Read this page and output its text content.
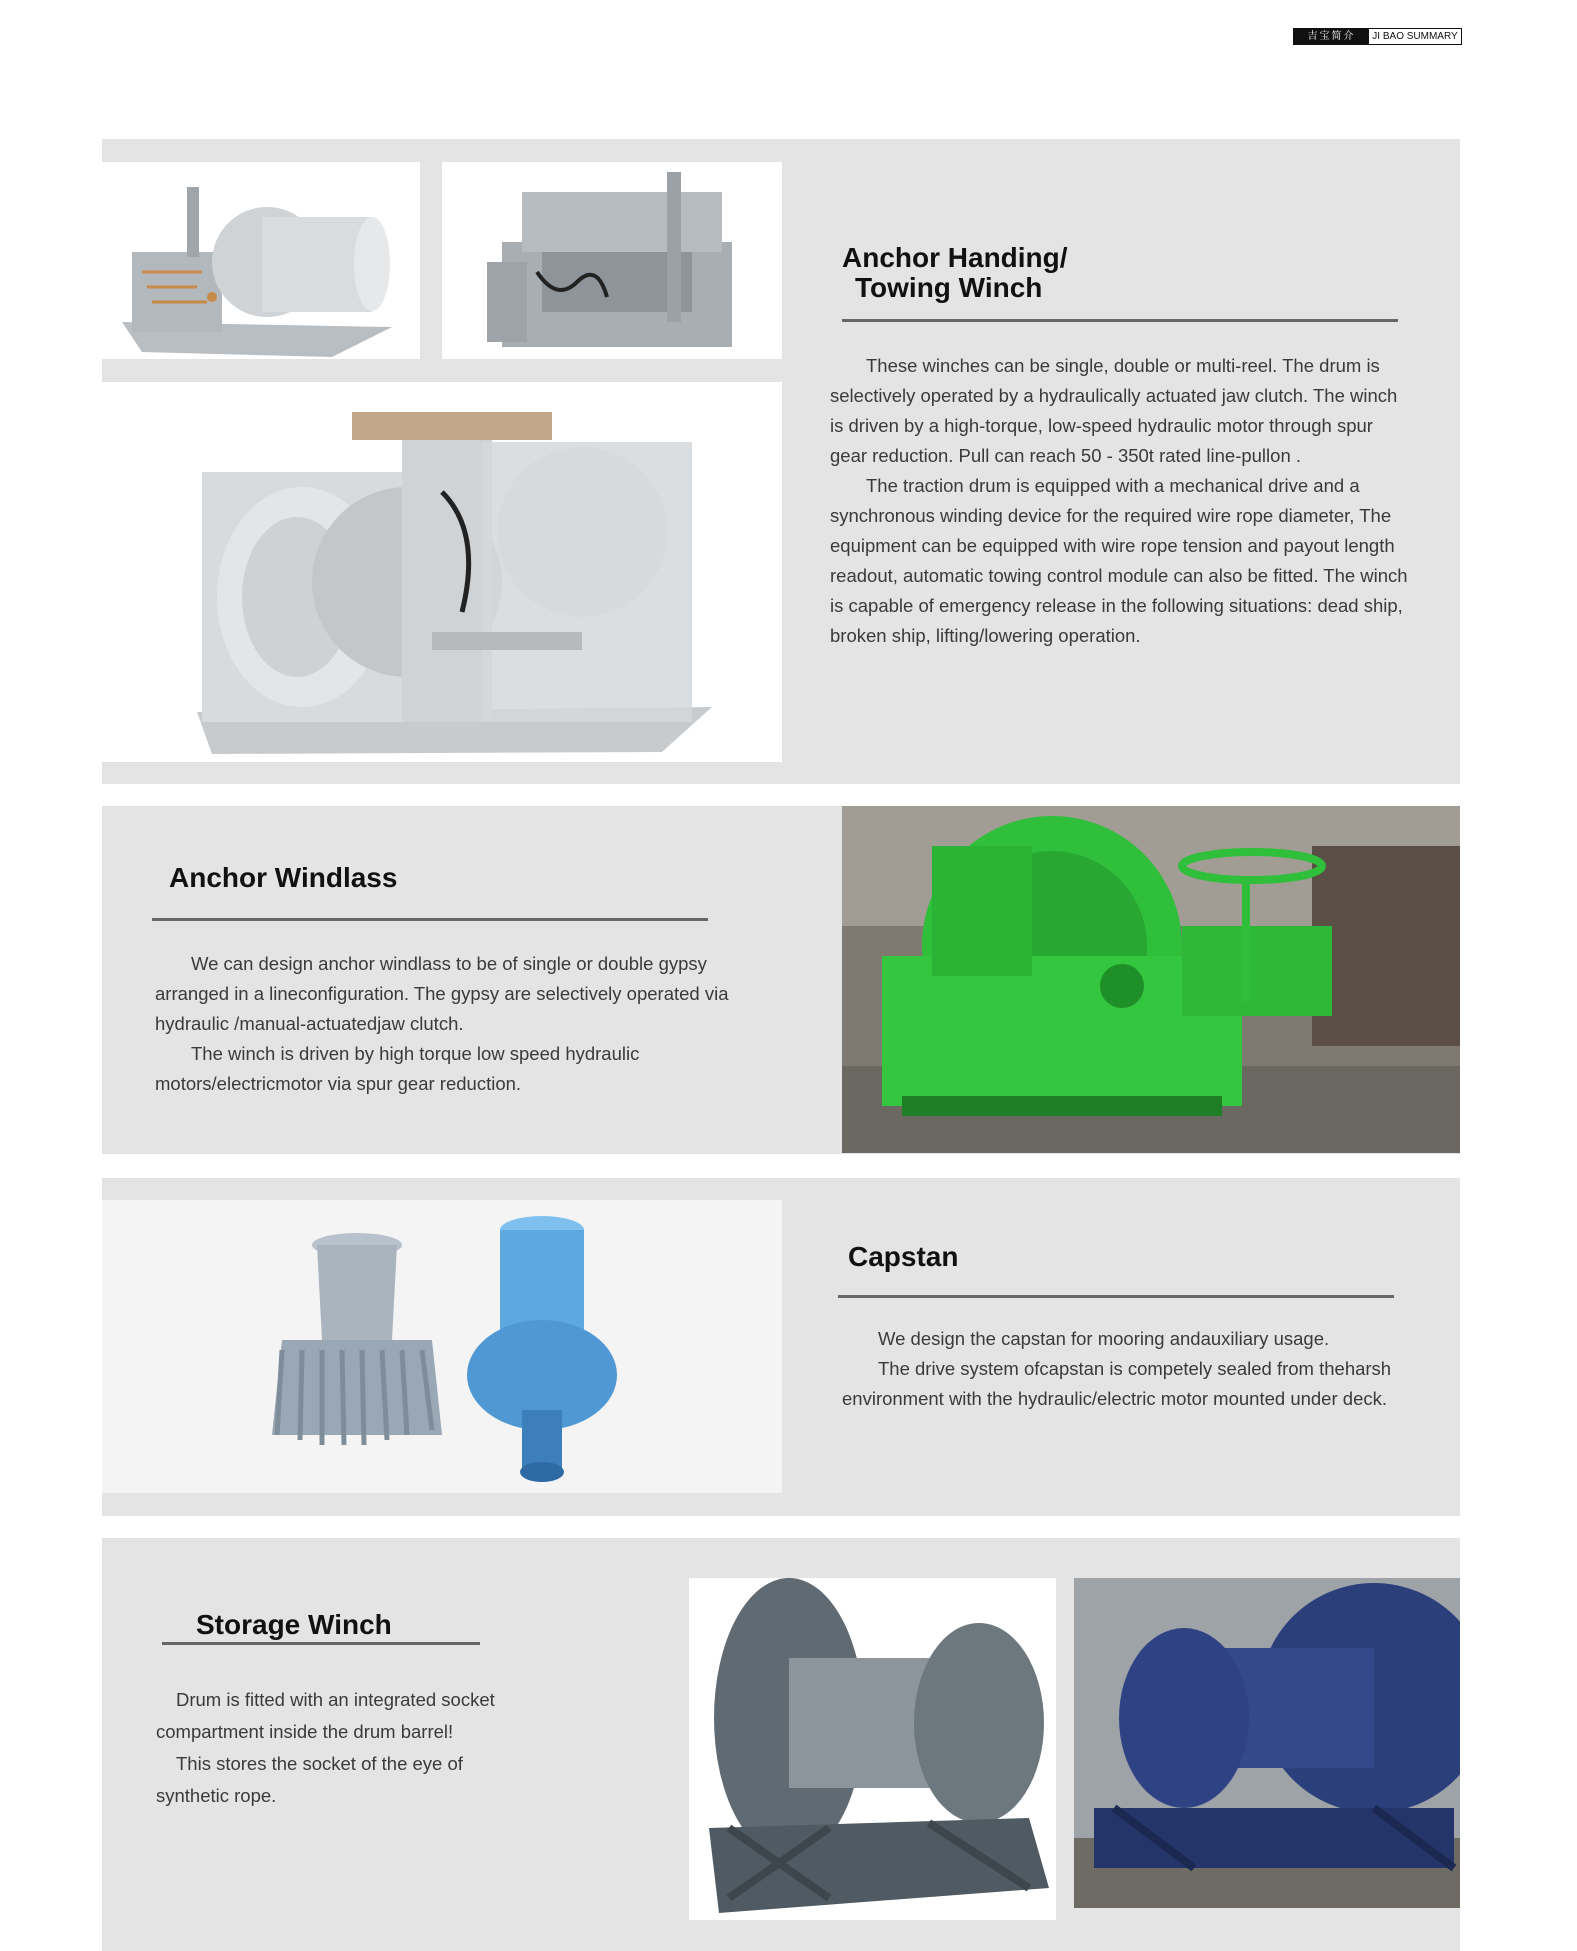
吉宝简介	JI BAO SUMMARY
Anchor Handing/
Towing Winch

These winches can be single, double or multi-reel. The drum is selectively operated by a hydraulically actuated jaw clutch. The winch is driven by a high-torque, low-speed hydraulic motor through spur gear reduction. Pull can reach 50 - 350t rated line-pullon .
The traction drum is equipped with a mechanical drive and a synchronous winding device for the required wire rope diameter, The equipment can be equipped with wire rope tension and payout length readout, automatic towing control module can also be fitted. The winch is capable of emergency release in the following situations: dead ship, broken ship, lifting/lowering operation.

Anchor Windlass

We can design anchor windlass to be of single or double gypsy arranged in a lineconfiguration. The gypsy are selectively operated via hydraulic /manual-actuatedjaw clutch.
The winch is driven by high torque low speed hydraulic motors/electricmotor via spur gear reduction.

Capstan

We design the capstan for mooring andauxiliary usage.
The drive system ofcapstan is competely sealed from theharsh environment with the hydraulic/electric motor mounted under deck.

Storage Winch

Drum is fitted with an integrated socket compartment inside the drum barrel!
This stores the socket of the eye of synthetic rope.
